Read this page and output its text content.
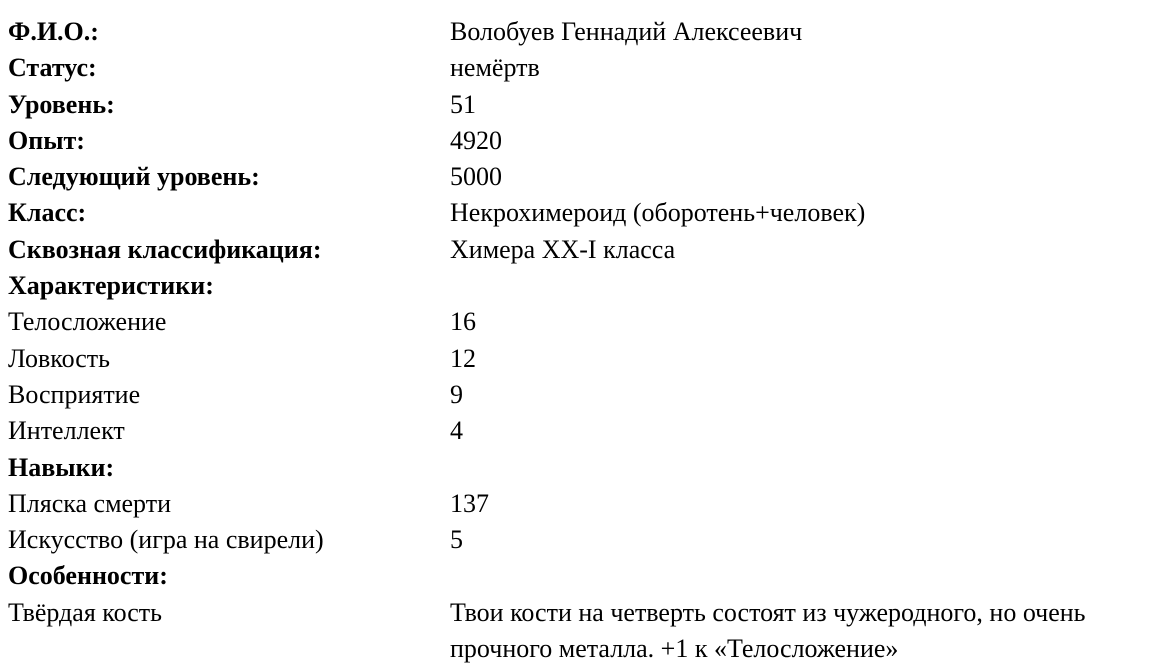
Ф.И.О.:	Волобуев Геннадий Алексеевич
Статус:	немёртв
Уровень:	51
Опыт:	4920
Следующий уровень:	5000
Класс:	Некрохимероид (оборотень+человек)
Сквозная классификация:	Химера XX-I класса
Характеристики:
Телосложение	16
Ловкость	12
Восприятие	9
Интеллект	4
Навыки:
Пляска смерти	137
Искусство (игра на свирели)	5
Особенности:
Твёрдая кость	Твои кости на четверть состоят из чужеродного, но очень прочного металла. +1 к «Телосложение»
